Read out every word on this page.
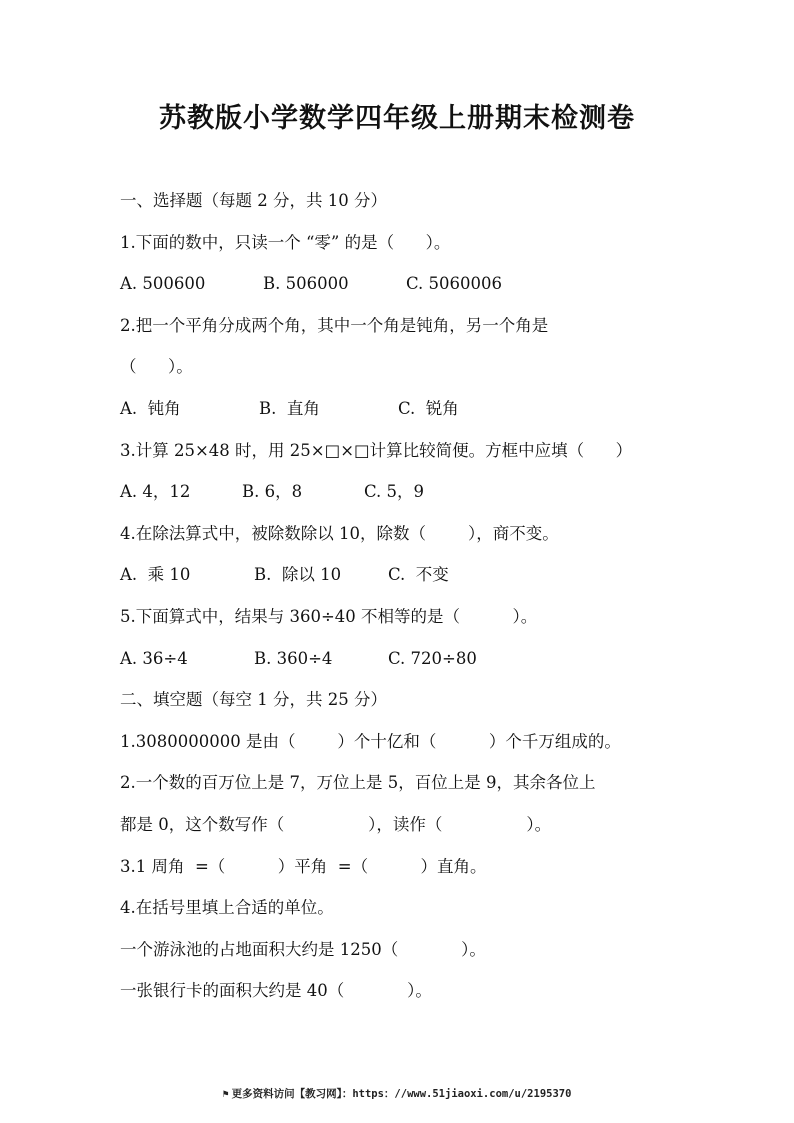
苏教版小学数学四年级上册期末检测卷

一、选择题（每题 2 分，共 10 分）

1.下面的数中，只读一个 “零” 的是（      ）。

A. 500600	B. 506000	C. 5060006

2.把一个平角分成两个角，其中一个角是钝角，另一个角是

（      ）。

A.  钝角	B.  直角	C.  锐角

3.计算 25×48 时，用 25×□×□计算比较简便。方框中应填（      ）

A. 4，12	B. 6，8	C. 5，9

4.在除法算式中，被除数除以 10，除数（        ），商不变。

A.  乘 10	B.  除以 10	C.  不变

5.下面算式中，结果与 360÷40 不相等的是（          ）。

A. 36÷4	B. 360÷4	C. 720÷80

二、填空题（每空 1 分，共 25 分）

1.3080000000 是由（        ）个十亿和（          ）个千万组成的。

2.一个数的百万位上是 7，万位上是 5，百位上是 9，其余各位上

都是 0，这个数写作（                ），读作（                ）。

3.1 周角  =（          ）平角  =（          ）直角。

4.在括号里填上合适的单位。

一个游泳池的占地面积大约是 1250（            ）。

一张银行卡的面积大约是 40（            ）。

⚑ 更多资料访问【教习网】：https：//www.51jiaoxi.com/u/2195370
